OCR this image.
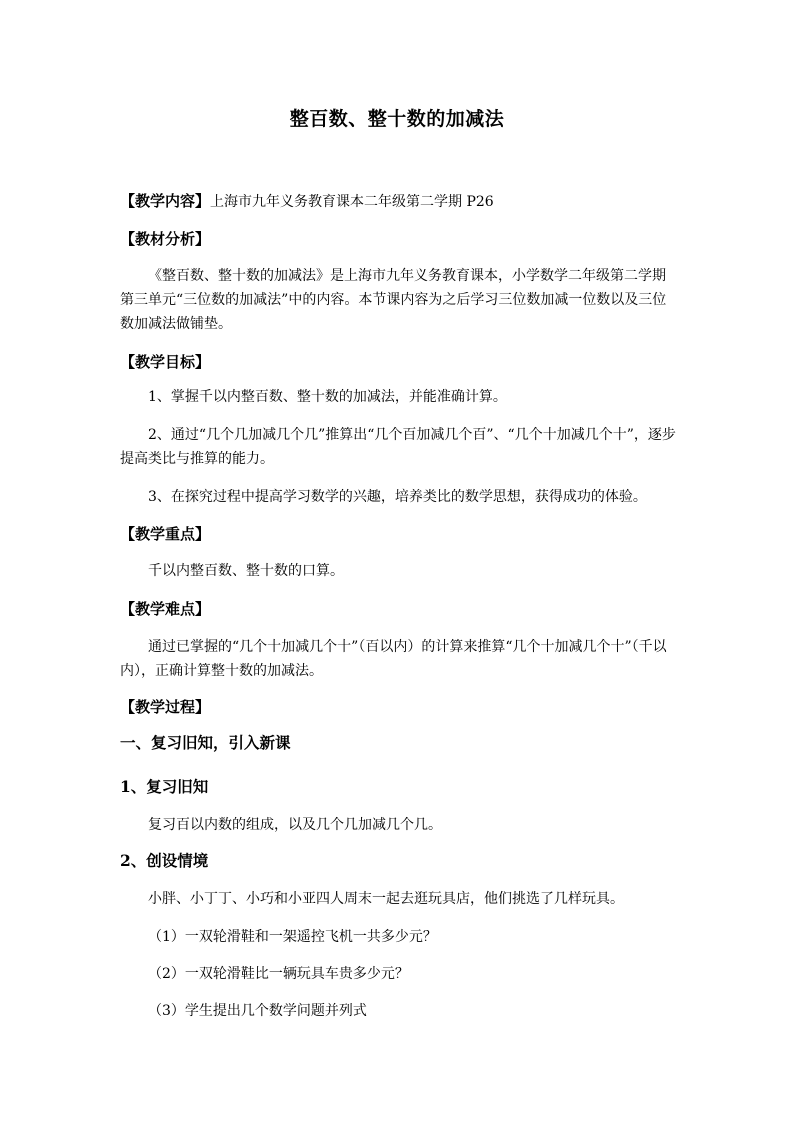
整百数、整十数的加减法
【教学内容】上海市九年义务教育课本二年级第二学期 P26
【教材分析】
《整百数、整十数的加减法》是上海市九年义务教育课本，小学数学二年级第二学期第三单元“三位数的加减法”中的内容。本节课内容为之后学习三位数加减一位数以及三位数加减法做铺垫。
【教学目标】
1、掌握千以内整百数、整十数的加减法，并能准确计算。
2、通过“几个几加减几个几”推算出“几个百加减几个百”、“几个十加减几个十”，逐步提高类比与推算的能力。
3、在探究过程中提高学习数学的兴趣，培养类比的数学思想，获得成功的体验。
【教学重点】
千以内整百数、整十数的口算。
【教学难点】
通过已掌握的“几个十加减几个十”（百以内）的计算来推算“几个十加减几个十”（千以内），正确计算整十数的加减法。
【教学过程】
一、复习旧知，引入新课
1、复习旧知
复习百以内数的组成，以及几个几加减几个几。
2、创设情境
小胖、小丁丁、小巧和小亚四人周末一起去逛玩具店，他们挑选了几样玩具。
（1）一双轮滑鞋和一架遥控飞机一共多少元？
（2）一双轮滑鞋比一辆玩具车贵多少元？
（3）学生提出几个数学问题并列式
